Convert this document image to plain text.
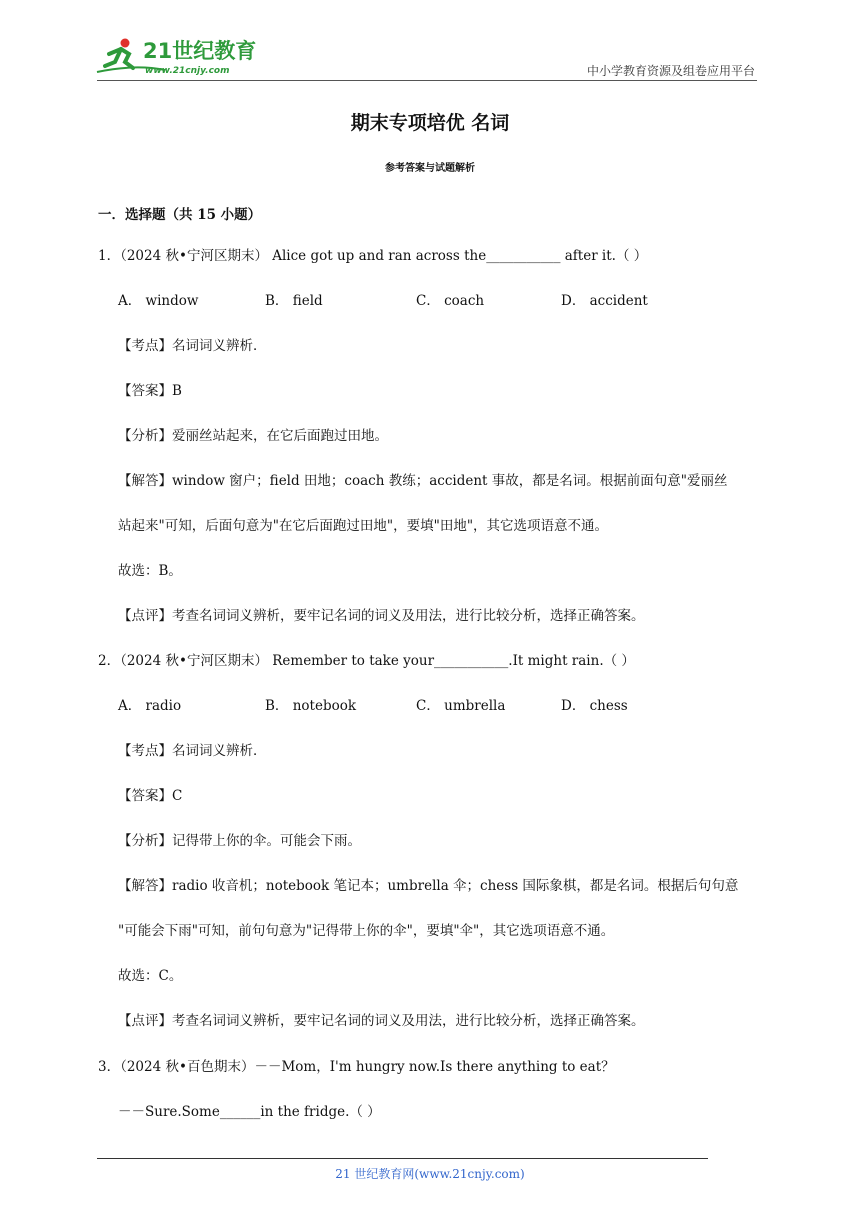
21世纪教育
www.21cnjy.com	中小学教育资源及组卷应用平台
期末专项培优 名词
参考答案与试题解析
一．选择题（共 15 小题）
1．（2024 秋•宁河区期末） Alice got up and ran across the___________ after it.（ ）
A． window	B． field	C． coach	D． accident
【考点】名词词义辨析．
【答案】B
【分析】爱丽丝站起来，在它后面跑过田地。
【解答】window 窗户；field 田地；coach 教练；accident 事故，都是名词。根据前面句意"爱丽丝
站起来"可知，后面句意为"在它后面跑过田地"，要填"田地"，其它选项语意不通。
故选：B。
【点评】考查名词词义辨析，要牢记名词的词义及用法，进行比较分析，选择正确答案。
2．（2024 秋•宁河区期末） Remember to take your___________.It might rain.（ ）
A． radio	B． notebook	C． umbrella	D． chess
【考点】名词词义辨析．
【答案】C
【分析】记得带上你的伞。可能会下雨。
【解答】radio 收音机；notebook 笔记本；umbrella 伞；chess 国际象棋，都是名词。根据后句句意
"可能会下雨"可知，前句句意为"记得带上你的伞"，要填"伞"，其它选项语意不通。
故选：C。
【点评】考查名词词义辨析，要牢记名词的词义及用法，进行比较分析，选择正确答案。
3．（2024 秋•百色期末）－－Mom，I'm hungry now.Is there anything to eat？
－－Sure.Some______in the fridge.（ ）
21 世纪教育网(www.21cnjy.com)
